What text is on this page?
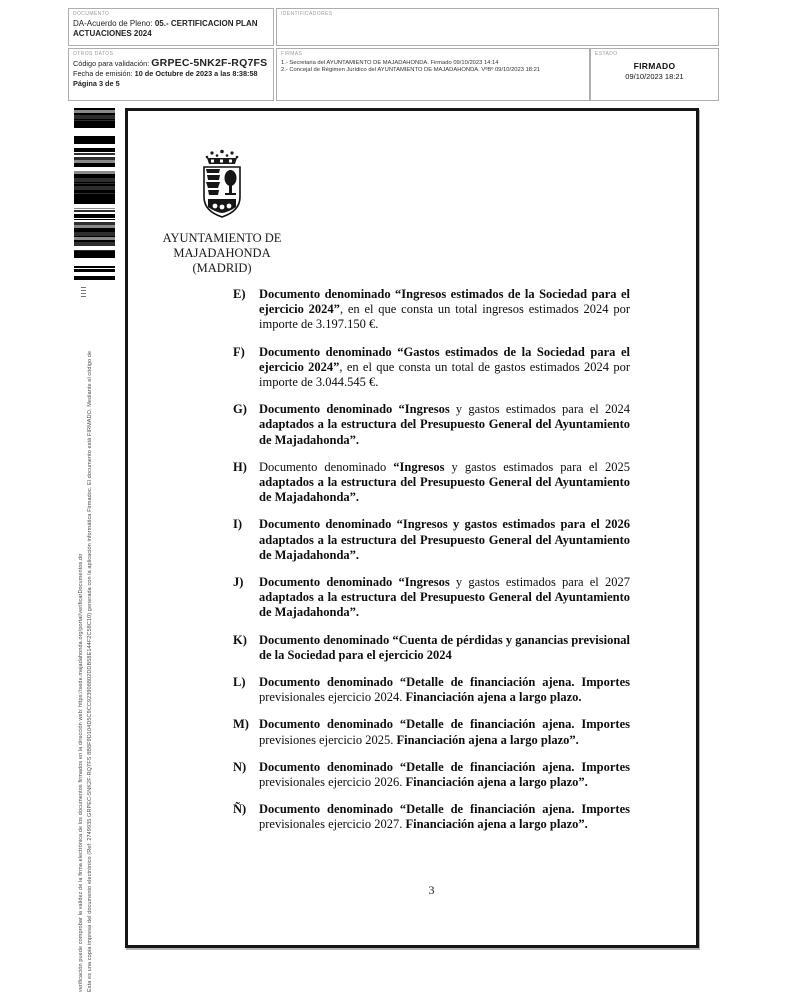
DOCUMENTO
DA-Acuerdo de Pleno: 05.- CERTIFICACION PLAN ACTUACIONES 2024
IDENTIFICADORES
OTROS DATOS
Código para validación: GRPEC-5NK2F-RQ7FS
Fecha de emisión: 10 de Octubre de 2023 a las 8:38:58
Página 3 de 5
FIRMAS
1.- Secretaria del AYUNTAMIENTO DE MAJADAHONDA. Firmado 09/10/2023 14:14
2.- Concejal de Régimen Jurídico del AYUNTAMIENTO DE MAJADAHONDA. VºBº 09/10/2023 18:21
ESTADO
FIRMADO
09/10/2023 18:21
verificación puede comprobar la validez de la firma electrónica de los documentos firmados en la dirección web: https://sede.majadahonda.org/portal/verificarDocumentos.do Esta es una copia impresa del documento electrónico (Ref: 2749935 GRPEC-5NK2F-RQ7FS 8B8F9D104D5C9CC923908802DDB58E144F2C58C10) generada con la aplicación informática Firmadoc. El documento está FIRMADO. Mediante el código de
AYUNTAMIENTO DE
MAJADAHONDA
(MADRID)
E)	Documento denominado “Ingresos estimados de la Sociedad para el ejercicio 2024”, en el que consta un total ingresos estimados 2024 por importe de 3.197.150 €.
F)	Documento denominado “Gastos estimados de la Sociedad para el ejercicio 2024”, en el que consta un total de gastos estimados 2024 por importe de 3.044.545 €.
G) Documento denominado “Ingresos y gastos estimados para el 2024 adaptados a la estructura del Presupuesto General del Ayuntamiento de Majadahonda”.
H) Documento denominado “Ingresos y gastos estimados para el 2025 adaptados a la estructura del Presupuesto General del Ayuntamiento de Majadahonda”.
I)	Documento denominado “Ingresos y gastos estimados para el 2026 adaptados a la estructura del Presupuesto General del Ayuntamiento de Majadahonda”.
J)	Documento denominado “Ingresos y gastos estimados para el 2027 adaptados a la estructura del Presupuesto General del Ayuntamiento de Majadahonda”.
K) Documento denominado “Cuenta de pérdidas y ganancias previsional de la Sociedad para el ejercicio 2024
L)	Documento denominado “Detalle de financiación ajena. Importes previsionales ejercicio 2024. Financiación ajena a largo plazo.
M) Documento denominado “Detalle de financiación ajena. Importes previsiones ejercicio 2025. Financiación ajena a largo plazo”.
N)	Documento denominado “Detalle de financiación ajena. Importes previsionales ejercicio 2026. Financiación ajena a largo plazo”.
Ñ)	Documento denominado “Detalle de financiación ajena. Importes previsionales ejercicio 2027. Financiación ajena a largo plazo”.
3
